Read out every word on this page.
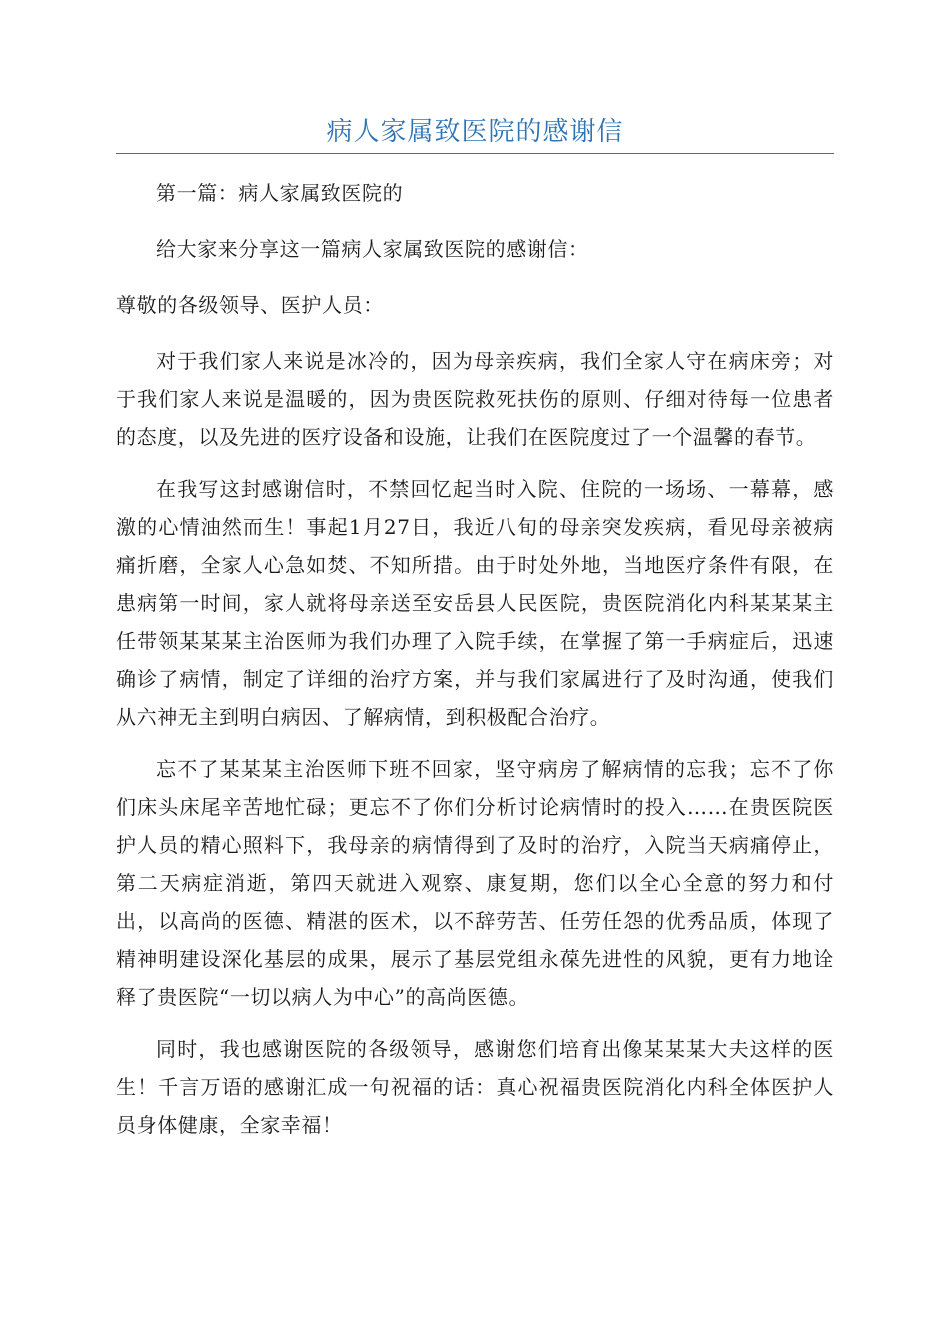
病人家属致医院的感谢信

第一篇：病人家属致医院的

给大家来分享这一篇病人家属致医院的感谢信：

尊敬的各级领导、医护人员：

对于我们家人来说是冰冷的，因为母亲疾病，我们全家人守在病床旁；对于我们家人来说是温暖的，因为贵医院救死扶伤的原则、仔细对待每一位患者的态度，以及先进的医疗设备和设施，让我们在医院度过了一个温馨的春节。

在我写这封感谢信时，不禁回忆起当时入院、住院的一场场、一幕幕，感激的心情油然而生！事起1月27日，我近八旬的母亲突发疾病，看见母亲被病痛折磨，全家人心急如焚、不知所措。由于时处外地，当地医疗条件有限，在患病第一时间，家人就将母亲送至安岳县人民医院，贵医院消化内科某某某主任带领某某某主治医师为我们办理了入院手续，在掌握了第一手病症后，迅速确诊了病情，制定了详细的治疗方案，并与我们家属进行了及时沟通，使我们从六神无主到明白病因、了解病情，到积极配合治疗。

忘不了某某某主治医师下班不回家，坚守病房了解病情的忘我；忘不了你们床头床尾辛苦地忙碌；更忘不了你们分析讨论病情时的投入……在贵医院医护人员的精心照料下，我母亲的病情得到了及时的治疗，入院当天病痛停止，第二天病症消逝，第四天就进入观察、康复期，您们以全心全意的努力和付出，以高尚的医德、精湛的医术，以不辞劳苦、任劳任怨的优秀品质，体现了精神明建设深化基层的成果，展示了基层党组永葆先进性的风貌，更有力地诠释了贵医院“一切以病人为中心”的高尚医德。

同时，我也感谢医院的各级领导，感谢您们培育出像某某某大夫这样的医生！千言万语的感谢汇成一句祝福的话：真心祝福贵医院消化内科全体医护人员身体健康，全家幸福！
